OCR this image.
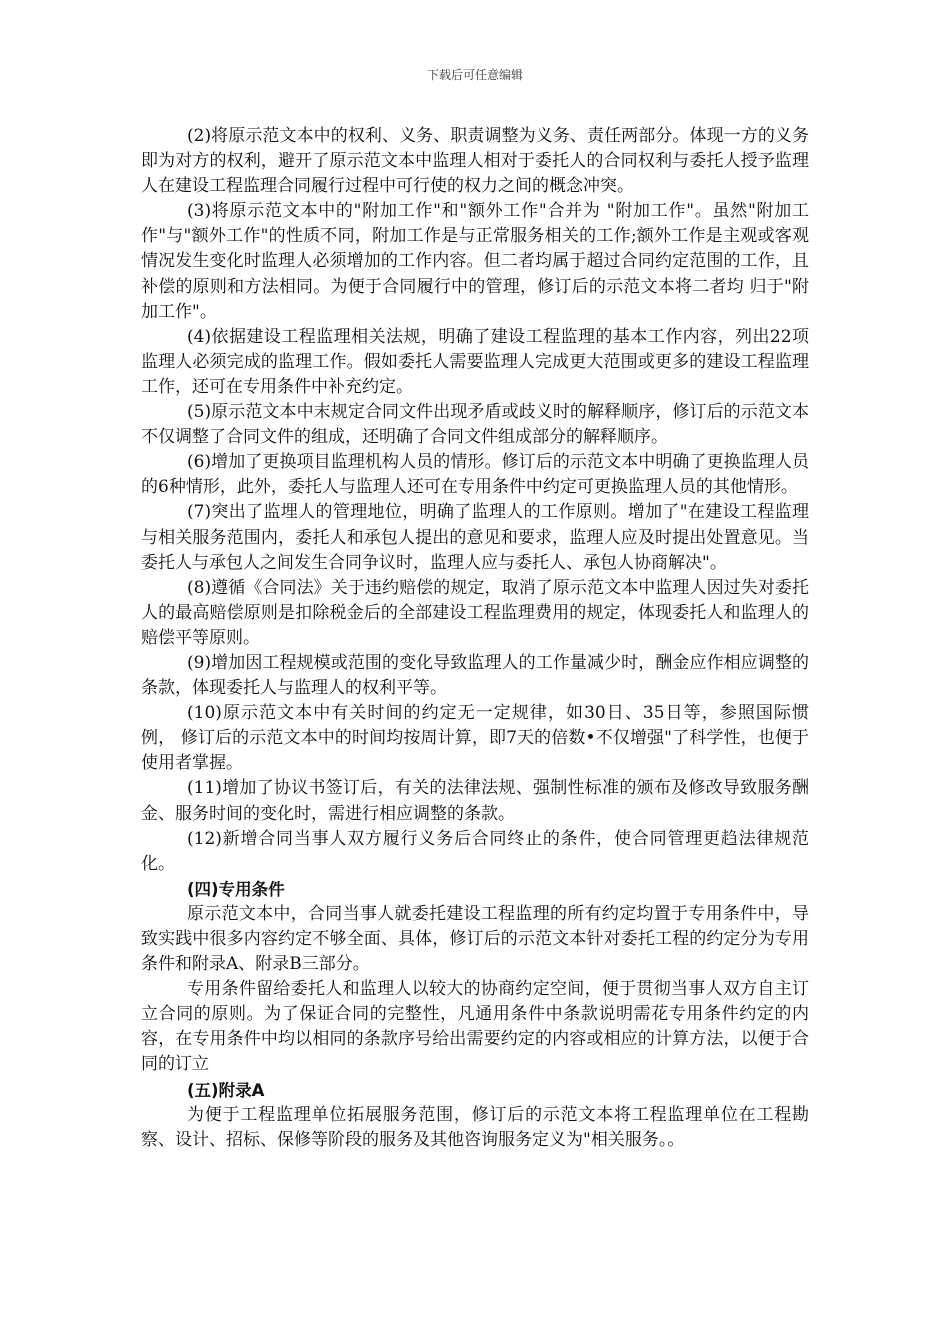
下载后可任意编辑

(2)将原示范文本中的权利、义务、职责调整为义务、责任两部分。体现一方的义务即为对方的权利，避开了原示范文本中监理人相对于委托人的合同权利与委托人授予监理人在建设工程监理合同履行过程中可行使的权力之间的概念冲突。

(3)将原示范文本中的"附加工作"和"额外工作"合并为 "附加工作"。虽然"附加工作"与"额外工作"的性质不同，附加工作是与正常服务相关的工作;额外工作是主观或客观情况发生变化时监理人必须增加的工作内容。但二者均属于超过合同约定范围的工作，且补偿的原则和方法相同。为便于合同履行中的管理，修订后的示范文本将二者均 归于"附加工作"。

(4)依据建设工程监理相关法规，明确了建设工程监理的基本工作内容，列出22项监理人必须完成的监理工作。假如委托人需要监理人完成更大范围或更多的建设工程监理工作，还可在专用条件中补充约定。

(5)原示范文本中末规定合同文件出现矛盾或歧义时的解释顺序，修订后的示范文本不仅调整了合同文件的组成，还明确了合同文件组成部分的解释顺序。

(6)增加了更换项目监理机构人员的情形。修订后的示范文本中明确了更换监理人员 的6种情形，此外，委托人与监理人还可在专用条件中约定可更换监理人员的其他情形。

(7)突出了监埋人的管理地位，明确了监理人的工作原则。增加了"在建设工程监理与相关服务范围内，委托人和承包人提出的意见和要求，监理人应及时提出处置意见。当委托人与承包人之间发生合同争议时，监理人应与委托人、承包人协商解决"。

(8)遵循《合同法》关于违约赔偿的规定，取消了原示范文本中监理人因过失对委托人的最高赔偿原则是扣除税金后的全部建设工程监理费用的规定，体现委托人和监理人的赔偿平等原则。

(9)增加因工程规模或范围的变化导致监理人的工作量减少时，酬金应作相应调整的条款，体现委托人与监理人的权利平等。

(10)原示范文本中有关时间的约定无一定规律，如30日、35日等，参照国际惯例， 修订后的示范文本中的时间均按周计算，即7天的倍数•不仅增强"了科学性，也便于使用者掌握。

(11)增加了协议书签订后，有关的法律法规、强制性标准的颁布及修改导致服务酬金、服务时间的变化时，需进行相应调整的条款。

(12)新增合同当事人双方履行义务后合同终止的条件，使合同管理更趋法律规范化。

(四)专用条件

原示范文本中，合同当事人就委托建设工程监理的所有约定均置于专用条件中，导致实践中很多内容约定不够全面、具体，修订后的示范文本针对委托工程的约定分为专用条件和附录A、附录B三部分。

专用条件留给委托人和监理人以较大的协商约定空间，便于贯彻当事人双方自主订立合同的原则。为了保证合同的完整性，凡通用条件中条款说明需花专用条件约定的内容，在专用条件中均以相同的条款序号给出需要约定的内容或相应的计算方法，以便于合同的订立

(五)附录A

为便于工程监理单位拓展服务范围，修订后的示范文本将工程监理单位在工程勘察、设计、招标、保修等阶段的服务及其他咨询服务定义为"相关服务。。
